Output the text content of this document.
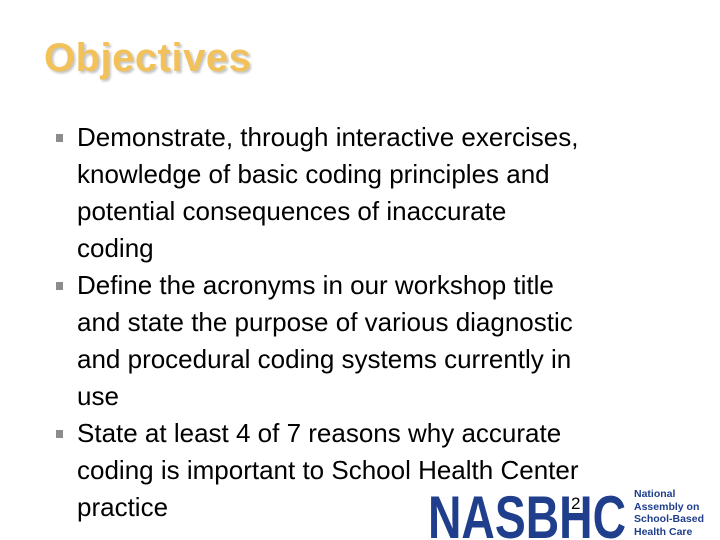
Objectives
Demonstrate, through interactive exercises,
knowledge of basic coding principles and
potential consequences of inaccurate
coding
Define the acronyms in our workshop title
and state the purpose of various diagnostic
and procedural coding systems currently in
use
State at least 4 of 7 reasons why accurate
coding is important to School Health Center
practice	NASBHC National
Assembly on
School-Based
Health Care
2
